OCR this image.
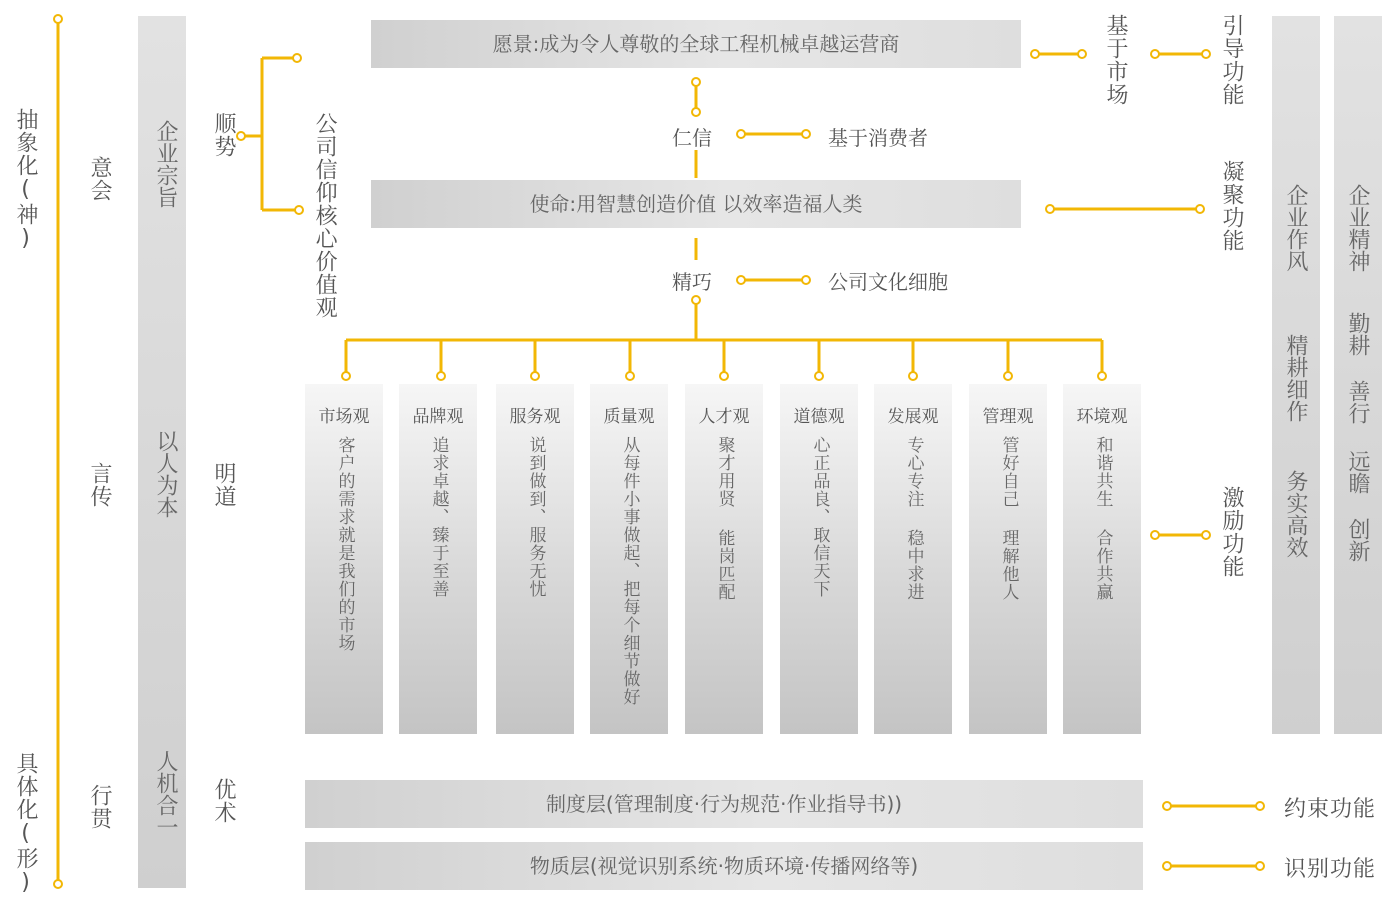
抽象化(神)
具体化(形)
意会
言传
行贯
企业宗旨
以人为本
人机合一
顺势
明道
优术
公司信仰核心价值观
愿景:成为令人尊敬的全球工程机械卓越运营商
仁信	基于消费者
使命:用智慧创造价值 以效率造福人类
精巧	公司文化细胞
基于市场	引导功能
凝聚功能
激励功能
约束功能
识别功能
市场观
客户的需求就是我们的市场
品牌观
追求卓越、臻于至善
服务观
说到做到、服务无忧
质量观
从每件小事做起、把每个细节做好
人才观
聚才用贤 能岗匹配
道德观
心正品良、取信天下
发展观
专心专注 稳中求进
管理观
管好自己 理解他人
环境观
和谐共生 合作共赢
制度层(管理制度·行为规范·作业指导书))
物质层(视觉识别系统·物质环境·传播网络等)
企业作风
精耕细作
务实高效
企业精神
勤耕
善行
远瞻
创新
